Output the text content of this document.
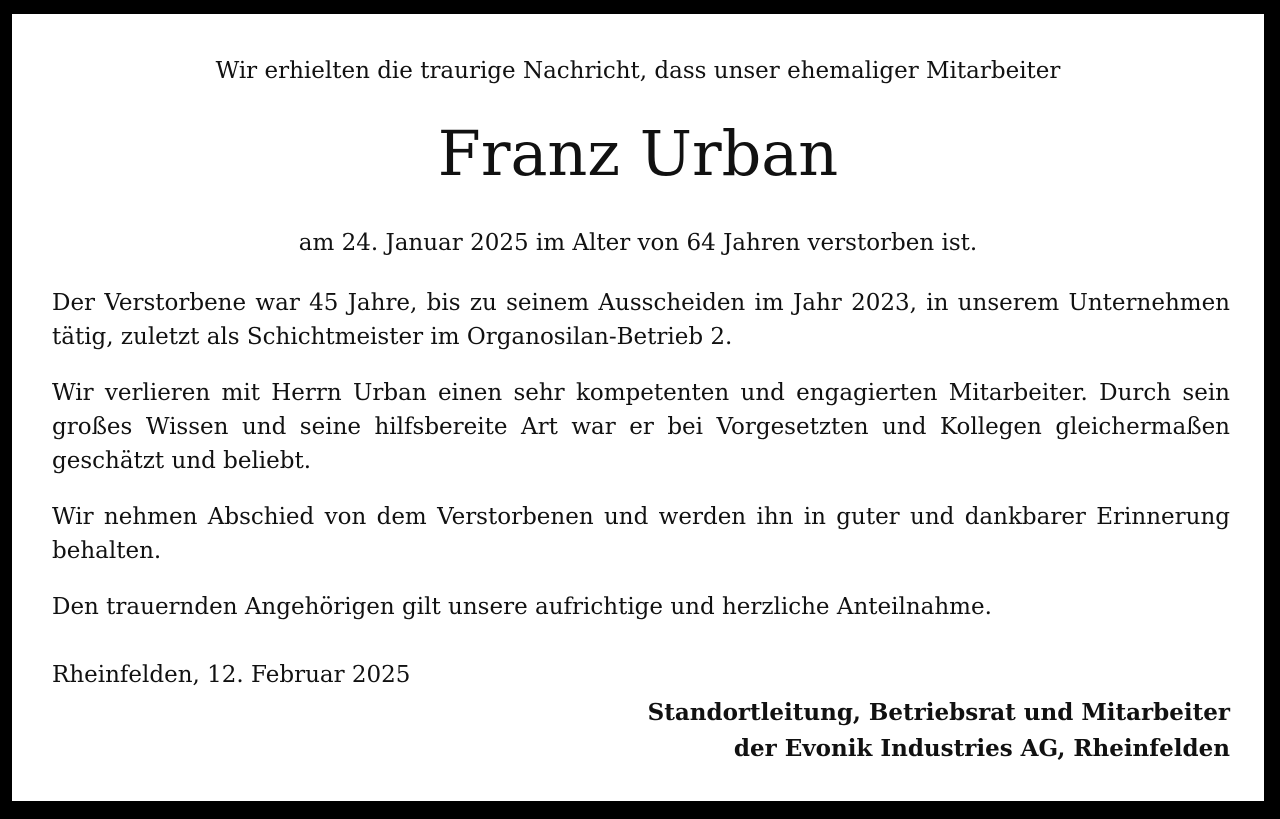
Wir erhielten die traurige Nachricht, dass unser ehemaliger Mitarbeiter
Franz Urban
am 24. Januar 2025 im Alter von 64 Jahren verstorben ist.

Der Verstorbene war 45 Jahre, bis zu seinem Ausscheiden im Jahr 2023, in unserem Unternehmen tätig, zuletzt als Schichtmeister im Organosilan-Betrieb 2.

Wir verlieren mit Herrn Urban einen sehr kompetenten und engagierten Mitarbeiter. Durch sein großes Wissen und seine hilfsbereite Art war er bei Vorgesetzten und Kollegen gleichermaßen geschätzt und beliebt.

Wir nehmen Abschied von dem Verstorbenen und werden ihn in guter und dankbarer Erinnerung behalten.

Den trauernden Angehörigen gilt unsere aufrichtige und herzliche Anteilnahme.

Rheinfelden, 12. Februar 2025
Standortleitung, Betriebsrat und Mitarbeiter
der Evonik Industries AG, Rheinfelden
